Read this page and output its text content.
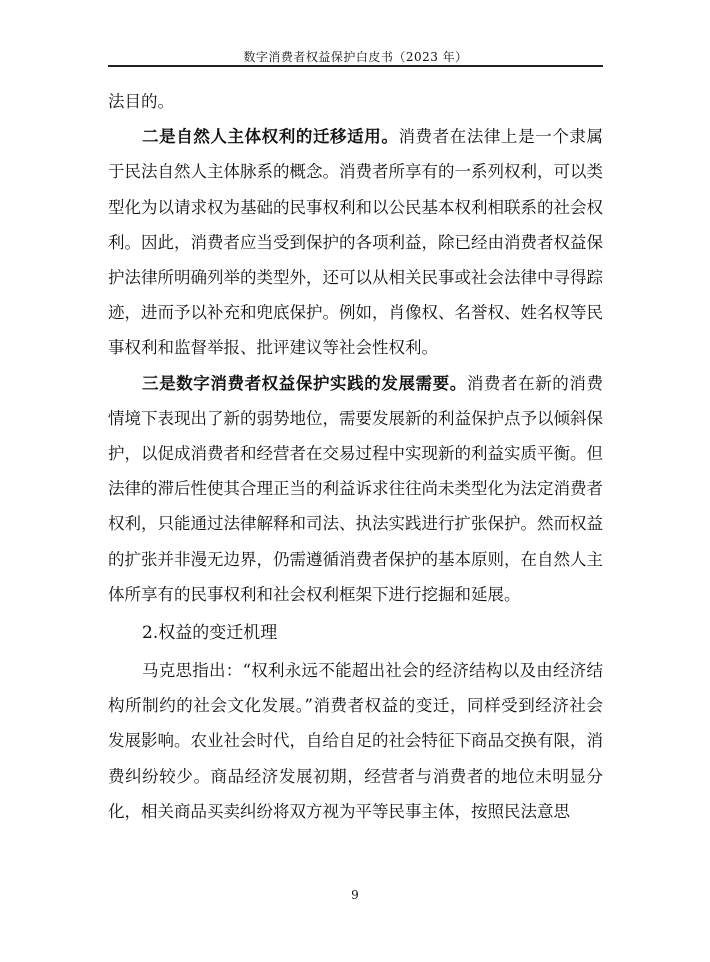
数字消费者权益保护白皮书（2023 年）

法目的。

二是自然人主体权利的迁移适用。消费者在法律上是一个隶属于民法自然人主体脉系的概念。消费者所享有的一系列权利，可以类型化为以请求权为基础的民事权利和以公民基本权利相联系的社会权利。因此，消费者应当受到保护的各项利益，除已经由消费者权益保护法律所明确列举的类型外，还可以从相关民事或社会法律中寻得踪迹，进而予以补充和兜底保护。例如，肖像权、名誉权、姓名权等民事权利和监督举报、批评建议等社会性权利。

三是数字消费者权益保护实践的发展需要。消费者在新的消费情境下表现出了新的弱势地位，需要发展新的利益保护点予以倾斜保护，以促成消费者和经营者在交易过程中实现新的利益实质平衡。但法律的滞后性使其合理正当的利益诉求往往尚未类型化为法定消费者权利，只能通过法律解释和司法、执法实践进行扩张保护。然而权益的扩张并非漫无边界，仍需遵循消费者保护的基本原则，在自然人主体所享有的民事权利和社会权利框架下进行挖掘和延展。

2.权益的变迁机理

马克思指出：“权利永远不能超出社会的经济结构以及由经济结构所制约的社会文化发展。”消费者权益的变迁，同样受到经济社会发展影响。农业社会时代，自给自足的社会特征下商品交换有限，消费纠纷较少。商品经济发展初期，经营者与消费者的地位未明显分化，相关商品买卖纠纷将双方视为平等民事主体，按照民法意思

9
